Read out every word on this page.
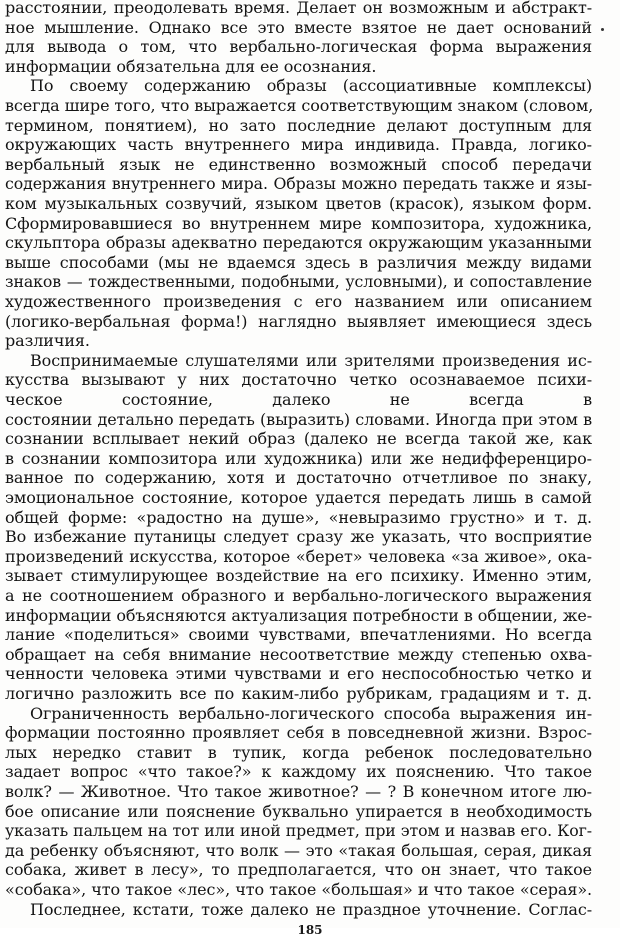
расстоянии, преодолевать время. Делает он возможным и абстракт-
ное мышление. Однако все это вместе взятое не дает оснований
для вывода о том, что вербально-логическая форма выражения
информации обязательна для ее осознания.
По своему содержанию образы (ассоциативные комплексы)
всегда шире того, что выражается соответствующим знаком (словом,
термином, понятием), но зато последние делают доступным для
окружающих часть внутреннего мира индивида. Правда, логико-
вербальный язык не единственно возможный способ передачи
содержания внутреннего мира. Образы можно передать также и язы-
ком музыкальных созвучий, языком цветов (красок), языком форм.
Сформировавшиеся во внутреннем мире композитора, художника,
скульптора образы адекватно передаются окружающим указанными
выше способами (мы не вдаемся здесь в различия между видами
знаков — тождественными, подобными, условными), и сопоставление
художественного произведения с его названием или описанием
(логико-вербальная форма!) наглядно выявляет имеющиеся здесь
различия.
Воспринимаемые слушателями или зрителями произведения ис-
кусства вызывают у них достаточно четко осознаваемое психи-
ческое состояние, далеко не всегда в
состоянии детально передать (выразить) словами. Иногда при этом в
сознании всплывает некий образ (далеко не всегда такой же, как
в сознании композитора или художника) или же недифференциро-
ванное по содержанию, хотя и достаточно отчетливое по знаку,
эмоциональное состояние, которое удается передать лишь в самой
общей форме: «радостно на душе», «невыразимо грустно» и т. д.
Во избежание путаницы следует сразу же указать, что восприятие
произведений искусства, которое «берет» человека «за живое», ока-
зывает стимулирующее воздействие на его психику. Именно этим,
а не соотношением образного и вербально-логического выражения
информации объясняются актуализация потребности в общении, же-
лание «поделиться» своими чувствами, впечатлениями. Но всегда
обращает на себя внимание несоответствие между степенью охва-
ченности человека этими чувствами и его неспособностью четко и
логично разложить все по каким-либо рубрикам, градациям и т. д.
Ограниченность вербально-логического способа выражения ин-
формации постоянно проявляет себя в повседневной жизни. Взрос-
лых нередко ставит в тупик, когда ребенок последовательно
задает вопрос «что такое?» к каждому их пояснению. Что такое
волк? — Животное. Что такое животное? — ? В конечном итоге лю-
бое описание или пояснение буквально упирается в необходимость
указать пальцем на тот или иной предмет, при этом и назвав его. Ког-
да ребенку объясняют, что волк — это «такая большая, серая, дикая
собака, живет в лесу», то предполагается, что он знает, что такое
«собака», что такое «лес», что такое «большая» и что такое «серая».
Последнее, кстати, тоже далеко не праздное уточнение. Соглас-
185
